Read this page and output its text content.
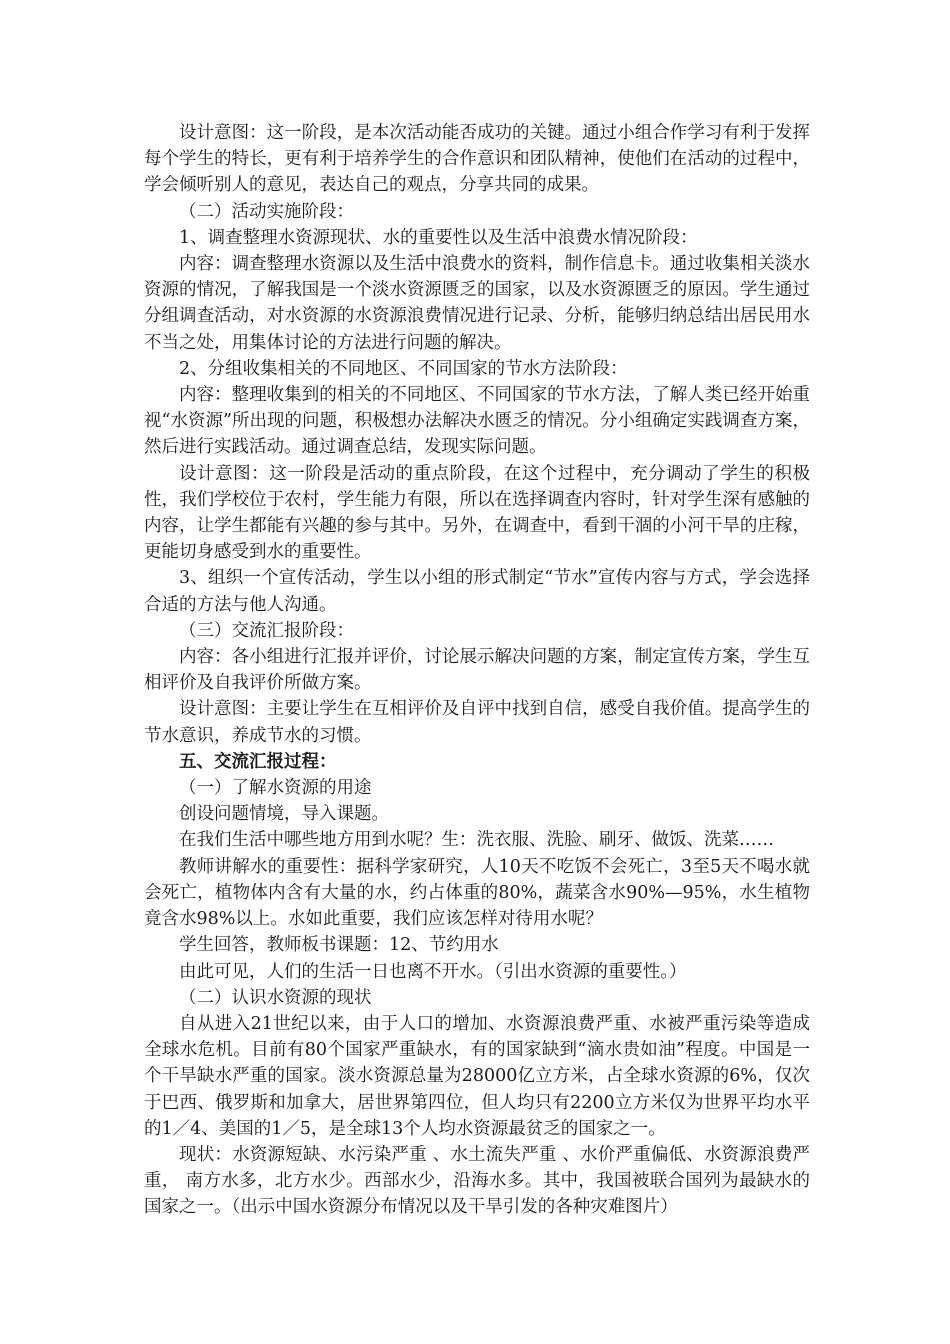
设计意图：这一阶段，是本次活动能否成功的关键。通过小组合作学习有利于发挥每个学生的特长，更有利于培养学生的合作意识和团队精神，使他们在活动的过程中，学会倾听别人的意见，表达自己的观点，分享共同的成果。

（二）活动实施阶段：

1、调查整理水资源现状、水的重要性以及生活中浪费水情况阶段：

内容：调查整理水资源以及生活中浪费水的资料，制作信息卡。通过收集相关淡水资源的情况，了解我国是一个淡水资源匮乏的国家，以及水资源匮乏的原因。学生通过分组调查活动，对水资源的水资源浪费情况进行记录、分析，能够归纳总结出居民用水不当之处，用集体讨论的方法进行问题的解决。

2、分组收集相关的不同地区、不同国家的节水方法阶段：

内容：整理收集到的相关的不同地区、不同国家的节水方法，了解人类已经开始重视“水资源”所出现的问题，积极想办法解决水匮乏的情况。分小组确定实践调查方案，然后进行实践活动。通过调查总结，发现实际问题。

设计意图：这一阶段是活动的重点阶段，在这个过程中，充分调动了学生的积极性，我们学校位于农村，学生能力有限，所以在选择调查内容时，针对学生深有感触的内容，让学生都能有兴趣的参与其中。另外，在调查中，看到干涸的小河干旱的庄稼，更能切身感受到水的重要性。

3、组织一个宣传活动，学生以小组的形式制定“节水”宣传内容与方式，学会选择合适的方法与他人沟通。

（三）交流汇报阶段：

内容：各小组进行汇报并评价，讨论展示解决问题的方案，制定宣传方案，学生互相评价及自我评价所做方案。

设计意图：主要让学生在互相评价及自评中找到自信，感受自我价值。提高学生的节水意识，养成节水的习惯。

五、交流汇报过程：

（一）了解水资源的用途

创设问题情境，导入课题。

在我们生活中哪些地方用到水呢？生：洗衣服、洗脸、刷牙、做饭、洗菜……

教师讲解水的重要性：据科学家研究，人10天不吃饭不会死亡，3至5天不喝水就会死亡，植物体内含有大量的水，约占体重的80%，蔬菜含水90%—95%，水生植物竟含水98%以上。水如此重要，我们应该怎样对待用水呢？

学生回答，教师板书课题：12、节约用水

由此可见，人们的生活一日也离不开水。（引出水资源的重要性。）

（二）认识水资源的现状

自从进入21世纪以来，由于人口的增加、水资源浪费严重、水被严重污染等造成全球水危机。目前有80个国家严重缺水，有的国家缺到“滴水贵如油”程度。中国是一个干旱缺水严重的国家。淡水资源总量为28000亿立方米，占全球水资源的6%，仅次于巴西、俄罗斯和加拿大，居世界第四位，但人均只有2200立方米仅为世界平均水平的1／4、美国的1／5，是全球13个人均水资源最贫乏的国家之一。

现状：水资源短缺、水污染严重 、水土流失严重 、水价严重偏低、水资源浪费严重， 南方水多，北方水少。西部水少，沿海水多。其中，我国被联合国列为最缺水的国家之一。（出示中国水资源分布情况以及干旱引发的各种灾难图片）
